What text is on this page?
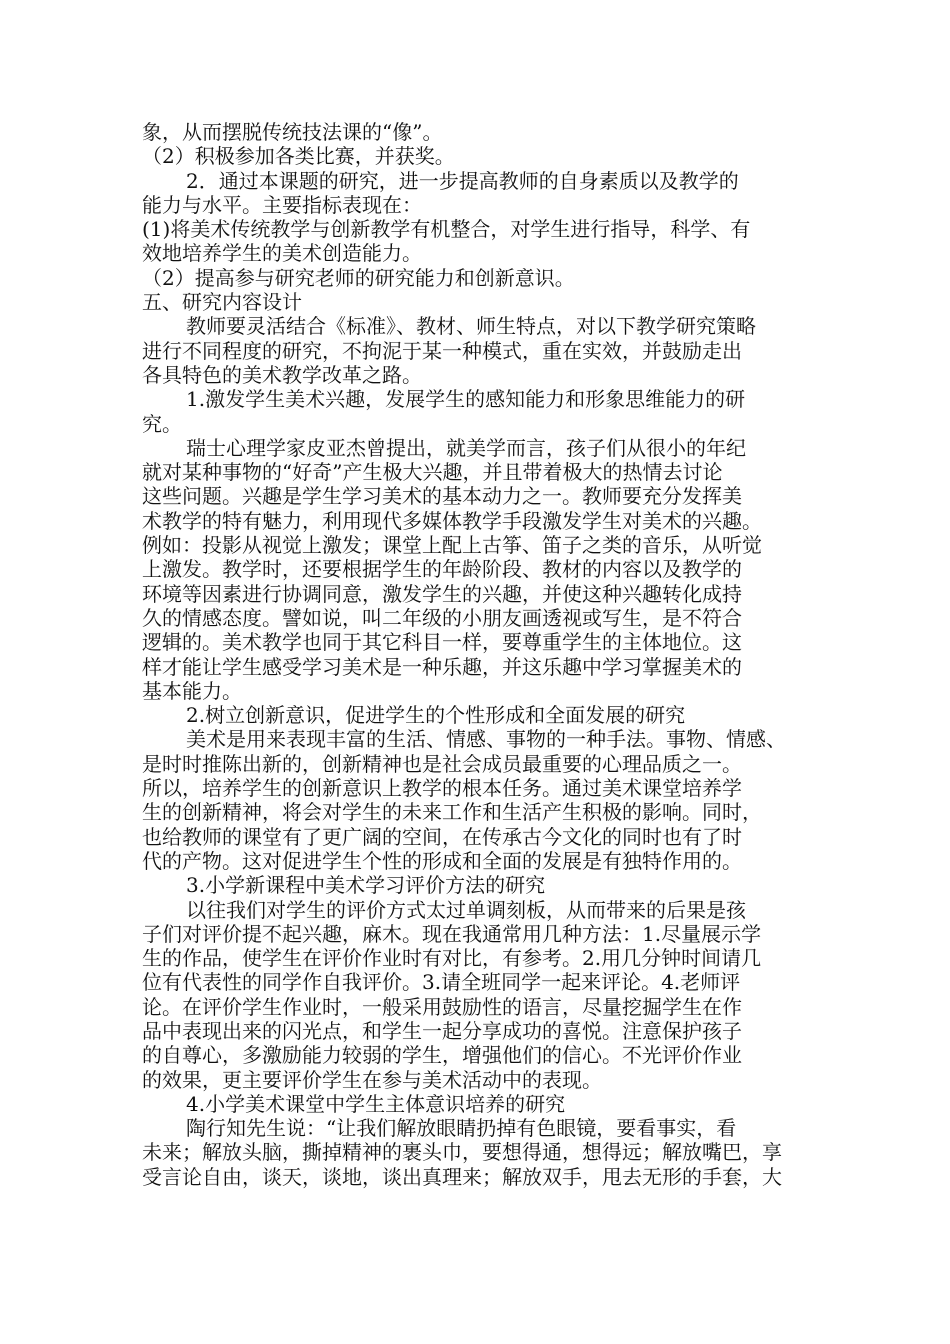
象，从而摆脱传统技法课的“像”。
（2）积极参加各类比赛，并获奖。
2．通过本课题的研究，进一步提高教师的自身素质以及教学的
能力与水平。主要指标表现在：
(1)将美术传统教学与创新教学有机整合，对学生进行指导，科学、有
效地培养学生的美术创造能力。
（2）提高参与研究老师的研究能力和创新意识。
五、研究内容设计
教师要灵活结合《标准》、教材、师生特点，对以下教学研究策略
进行不同程度的研究，不拘泥于某一种模式，重在实效，并鼓励走出
各具特色的美术教学改革之路。
1.激发学生美术兴趣，发展学生的感知能力和形象思维能力的研
究。
瑞士心理学家皮亚杰曾提出，就美学而言，孩子们从很小的年纪
就对某种事物的“好奇”产生极大兴趣，并且带着极大的热情去讨论
这些问题。兴趣是学生学习美术的基本动力之一。教师要充分发挥美
术教学的特有魅力，利用现代多媒体教学手段激发学生对美术的兴趣。
例如：投影从视觉上激发；课堂上配上古筝、笛子之类的音乐，从听觉
上激发。教学时，还要根据学生的年龄阶段、教材的内容以及教学的
环境等因素进行协调同意，激发学生的兴趣，并使这种兴趣转化成持
久的情感态度。譬如说，叫二年级的小朋友画透视或写生，是不符合
逻辑的。美术教学也同于其它科目一样，要尊重学生的主体地位。这
样才能让学生感受学习美术是一种乐趣，并这乐趣中学习掌握美术的
基本能力。
2.树立创新意识，促进学生的个性形成和全面发展的研究
美术是用来表现丰富的生活、情感、事物的一种手法。事物、情感、
是时时推陈出新的，创新精神也是社会成员最重要的心理品质之一。
所以，培养学生的创新意识上教学的根本任务。通过美术课堂培养学
生的创新精神，将会对学生的未来工作和生活产生积极的影响。同时，
也给教师的课堂有了更广阔的空间，在传承古今文化的同时也有了时
代的产物。这对促进学生个性的形成和全面的发展是有独特作用的。
3.小学新课程中美术学习评价方法的研究
以往我们对学生的评价方式太过单调刻板，从而带来的后果是孩
子们对评价提不起兴趣，麻木。现在我通常用几种方法：1.尽量展示学
生的作品，使学生在评价作业时有对比，有参考。2.用几分钟时间请几
位有代表性的同学作自我评价。3.请全班同学一起来评论。4.老师评
论。在评价学生作业时，一般采用鼓励性的语言，尽量挖掘学生在作
品中表现出来的闪光点，和学生一起分享成功的喜悦。注意保护孩子
的自尊心，多激励能力较弱的学生，增强他们的信心。不光评价作业
的效果，更主要评价学生在参与美术活动中的表现。
4.小学美术课堂中学生主体意识培养的研究
陶行知先生说：“让我们解放眼睛扔掉有色眼镜，要看事实，看
未来；解放头脑，撕掉精神的裹头巾，要想得通，想得远；解放嘴巴，享
受言论自由，谈天，谈地，谈出真理来；解放双手，甩去无形的手套，大
